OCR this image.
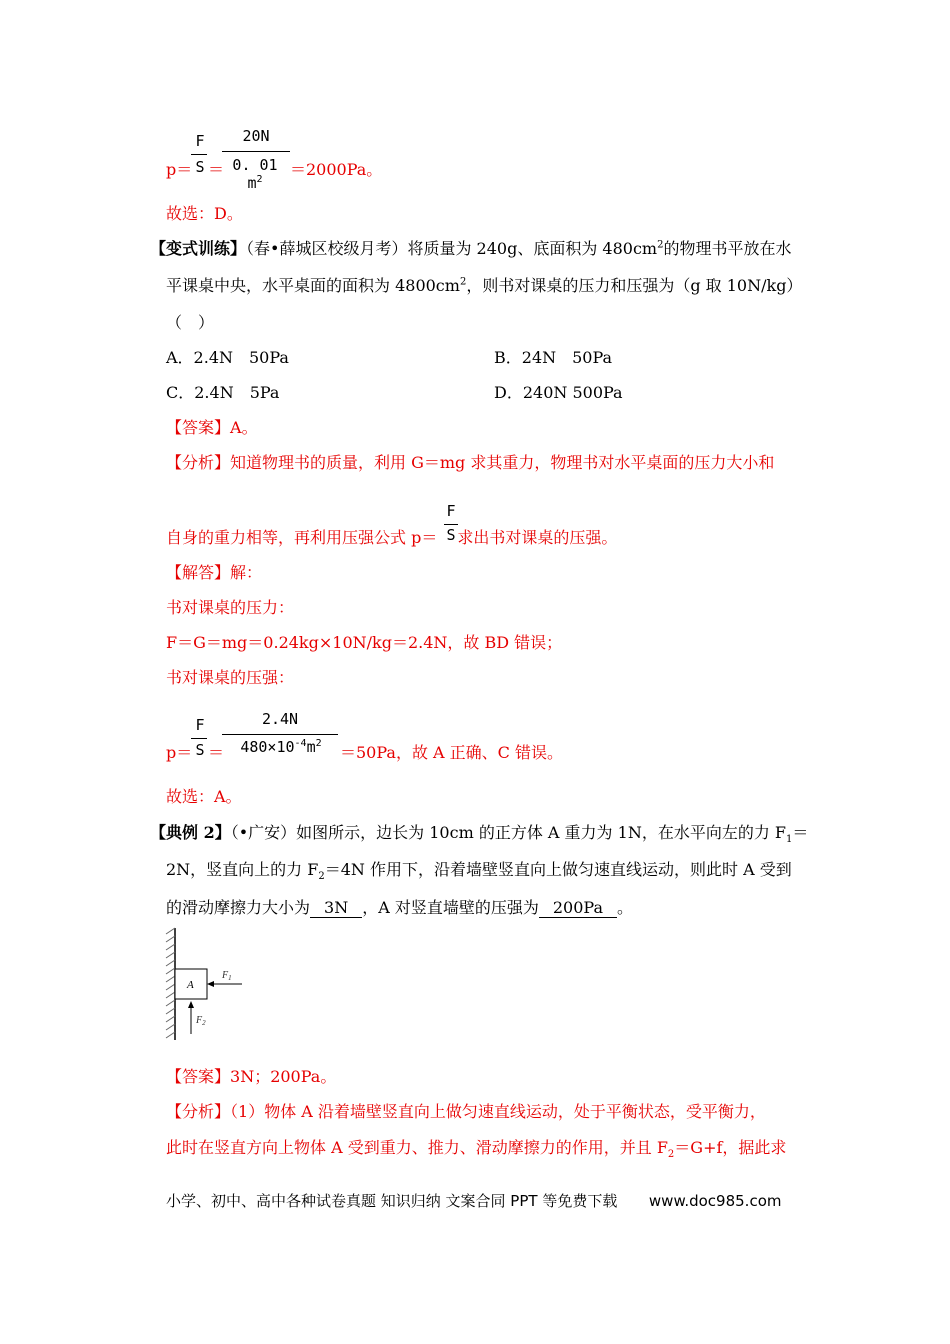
p＝
F
S ＝
20N
0. 01 $m^2$
＝2000Pa。
故选：D。
【变式训练】（春•薛城区校级月考）将质量为 240g、底面积为 $480cm^2$的物理书平放在水
平课桌中央，水平桌面的面积为 $4800cm^2$，则书对课桌的压力和压强为（g 取 10N/kg）
（　）
A．2.4N　50Pa	B．24N　50Pa
C．2.4N　5Pa	D．240N 500Pa
【答案】A。
【分析】知道物理书的质量，利用 G＝mg 求其重力，物理书对水平桌面的压力大小和
自身的重力相等，再利用压强公式 p＝ 求出书对课桌的压强。
F
S
【解答】解：
书对课桌的压力：
F＝G＝mg＝0.24kg×10N/kg＝2.4N，故 BD 错误；
书对课桌的压强：
p＝
F
S ＝
2.4N
$480\times 10^{-4}m^2$	＝50Pa，故 A 正确、C 错误。
故选：A。
【典例 2】（•广安）如图所示，边长为 10cm 的正方体 A 重力为 1N，在水平向左的力 $F_1=$
2N，竖直向上的力 $F_2=4N$ 作用下，沿着墙壁竖直向上做匀速直线运动，则此时 A 受到
的滑动摩擦力大小为 3N ，A 对竖直墙壁的压强为 200Pa 。
A
$F_1$
$F_2$
【答案】3N；200Pa。
【分析】（1）物体 A 沿着墙壁竖直向上做匀速直线运动，处于平衡状态，受平衡力，
此时在竖直方向上物体 A 受到重力、推力、滑动摩擦力的作用，并且 $F_2=G+f$，据此求
小学、初中、高中各种试卷真题 知识归纳 文案合同 PPT 等免费下载 www.doc985.com
